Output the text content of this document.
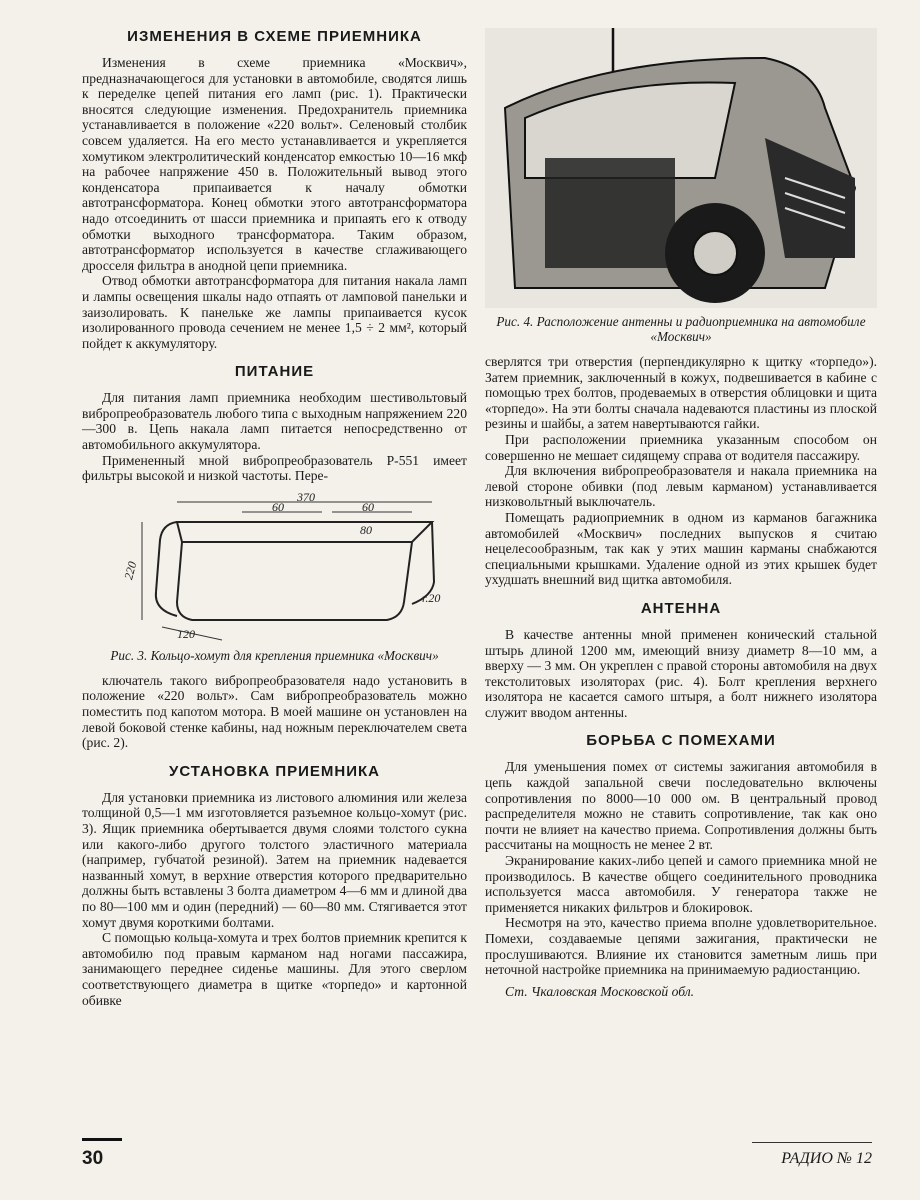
ИЗМЕНЕНИЯ В СХЕМЕ ПРИЕМНИКА

Изменения в схеме приемника «Москвич», предназначающегося для установки в автомобиле, сводятся лишь к переделке цепей питания его ламп (рис. 1). Практически вносятся следующие изменения. Предохранитель приемника устанавливается в положение «220 вольт». Селеновый столбик совсем удаляется. На его место устанавливается и укрепляется хомутиком электролитический конденсатор емкостью 10—16 мкф на рабочее напряжение 450 в. Положительный вывод этого конденсатора припаивается к началу обмотки автотрансформатора. Конец обмотки этого автотрансформатора надо отсоединить от шасси приемника и припаять его к отводу обмотки выходного трансформатора. Таким образом, автотрансформатор используется в качестве сглаживающего дросселя фильтра в анодной цепи приемника.

Отвод обмотки автотрансформатора для питания накала ламп и лампы освещения шкалы надо отпаять от ламповой панельки и заизолировать. К панельке же лампы припаивается кусок изолированного провода сечением не менее 1,5 ÷ 2 мм², который пойдет к аккумулятору.

ПИТАНИЕ

Для питания ламп приемника необходим шестивольтовый вибропреобразователь любого типа с выходным напряжением 220—300 в. Цепь накала ламп питается непосредственно от автомобильного аккумулятора.

Примененный мной вибропреобразователь Р-551 имеет фильтры высокой и низкой частоты. Пере-

370
60	60
80
220
120
r.20

Рис. 3. Кольцо-хомут для крепления приемника «Москвич»

ключатель такого вибропреобразователя надо установить в положение «220 вольт». Сам вибропреобразователь можно поместить под капотом мотора. В моей машине он установлен на левой боковой стенке кабины, над ножным переключателем света (рис. 2).

УСТАНОВКА ПРИЕМНИКА

Для установки приемника из листового алюминия или железа толщиной 0,5—1 мм изготовляется разъемное кольцо-хомут (рис. 3). Ящик приемника обертывается двумя слоями толстого сукна или какого-либо другого толстого эластичного материала (например, губчатой резиной). Затем на приемник надевается названный хомут, в верхние отверстия которого предварительно должны быть вставлены 3 болта диаметром 4—6 мм и длиной два по 80—100 мм и один (передний) — 60—80 мм. Стягивается этот хомут двумя короткими болтами.

С помощью кольца-хомута и трех болтов приемник крепится к автомобилю под правым карманом над ногами пассажира, занимающего переднее сиденье машины. Для этого сверлом соответствующего диаметра в щитке «торпедо» и картонной обивке

Рис. 4. Расположение антенны и радиоприемника на автомобиле «Москвич»

сверлятся три отверстия (перпендикулярно к щитку «торпедо»). Затем приемник, заключенный в кожух, подвешивается в кабине с помощью трех болтов, продеваемых в отверстия облицовки и щита «торпедо». На эти болты сначала надеваются пластины из плоской резины и шайбы, а затем навертываются гайки.

При расположении приемника указанным способом он совершенно не мешает сидящему справа от водителя пассажиру.

Для включения вибропреобразователя и накала приемника на левой стороне обивки (под левым карманом) устанавливается низковольтный выключатель.

Помещать радиоприемник в одном из карманов багажника автомобилей «Москвич» последних выпусков я считаю нецелесообразным, так как у этих машин карманы снабжаются специальными крышками. Удаление одной из этих крышек будет ухудшать внешний вид щитка автомобиля.

АНТЕННА

В качестве антенны мной применен конический стальной штырь длиной 1200 мм, имеющий внизу диаметр 8—10 мм, а вверху — 3 мм. Он укреплен с правой стороны автомобиля на двух текстолитовых изоляторах (рис. 4). Болт крепления верхнего изолятора не касается самого штыря, а болт нижнего изолятора служит вводом антенны.

БОРЬБА С ПОМЕХАМИ

Для уменьшения помех от системы зажигания автомобиля в цепь каждой запальной свечи последовательно включены сопротивления по 8000—10 000 ом. В центральный провод распределителя можно не ставить сопротивление, так как оно почти не влияет на качество приема. Сопротивления должны быть рассчитаны на мощность не менее 2 вт.

Экранирование каких-либо цепей и самого приемника мной не производилось. В качестве общего соединительного проводника используется масса автомобиля. У генератора также не применяется никаких фильтров и блокировок.

Несмотря на это, качество приема вполне удовлетворительное. Помехи, создаваемые цепями зажигания, практически не прослушиваются. Влияние их становится заметным лишь при неточной настройке приемника на принимаемую радиостанцию.

Ст. Чкаловская Московской обл.

30	РАДИО № 12
